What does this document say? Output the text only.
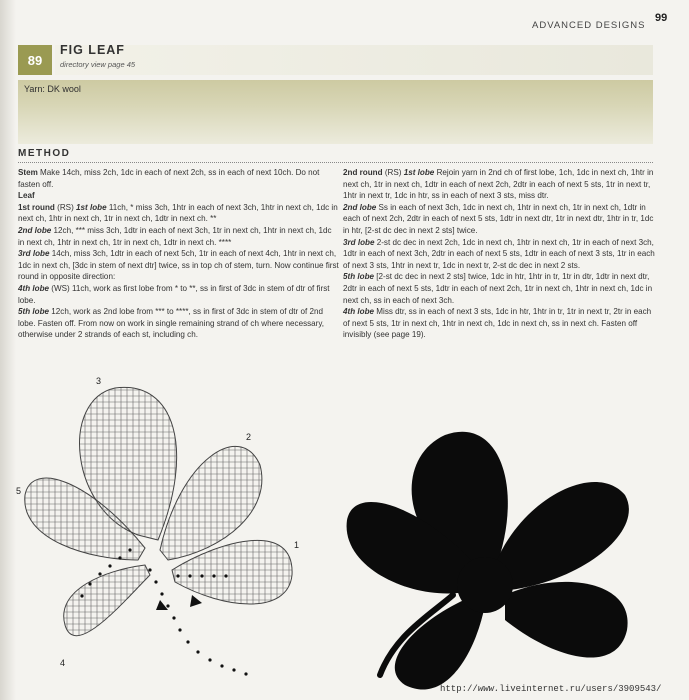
ADVANCED DESIGNS
99
89
FIG LEAF
directory view page 45
Yarn: DK wool
METHOD

Stem Make 14ch, miss 2ch, 1dc in each of next 2ch, ss in each of next 10ch. Do not fasten off.

Leaf

1st round (RS) 1st lobe 11ch, * miss 3ch, 1htr in each of next 3ch, 1htr in next ch, 1dc in next ch, 1htr in next ch, 1tr in next ch, 1dtr in next ch. **

2nd lobe 12ch, *** miss 3ch, 1dtr in each of next 3ch, 1tr in next ch, 1htr in next ch, 1dc in next ch, 1htr in next ch, 1tr in next ch, 1dtr in next ch. ****

3rd lobe 14ch, miss 3ch, 1dtr in each of next 5ch, 1tr in each of next 4ch, 1htr in next ch, 1dc in next ch, [3dc in stem of next dtr] twice, ss in top ch of stem, turn. Now continue first round in opposite direction:

4th lobe (WS) 11ch, work as first lobe from * to **, ss in first of 3dc in stem of dtr of first lobe.

5th lobe 12ch, work as 2nd lobe from *** to ****, ss in first of 3dc in stem of dtr of 2nd lobe. Fasten off. From now on work in single remaining strand of ch where necessary, otherwise under 2 strands of each st, including ch.

2nd round (RS) 1st lobe Rejoin yarn in 2nd ch of first lobe, 1ch, 1dc in next ch, 1htr in next ch, 1tr in next ch, 1dtr in each of next 2ch, 2dtr in each of next 5 sts, 1tr in next tr, 1htr in next tr, 1dc in htr, ss in each of next 3 sts, miss dtr.

2nd lobe Ss in each of next 3ch, 1dc in next ch, 1htr in next ch, 1tr in next ch, 1dtr in each of next 2ch, 2dtr in each of next 5 sts, 1dtr in next dtr, 1tr in next dtr, 1htr in tr, 1dc in htr, [2-st dc dec in next 2 sts] twice.

3rd lobe 2-st dc dec in next 2ch, 1dc in next ch, 1htr in next ch, 1tr in each of next 3ch, 1dtr in each of next 3ch, 2dtr in each of next 5 sts, 1dtr in each of next 3 sts, 1tr in each of next 3 sts, 1htr in next tr, 1dc in next tr, 2-st dc dec in next 2 sts.

5th lobe [2-st dc dec in next 2 sts] twice, 1dc in htr, 1htr in tr, 1tr in dtr, 1dtr in next dtr, 2dtr in each of next 5 sts, 1dtr in each of next 2ch, 1tr in next ch, 1htr in next ch, 1dc in next ch, ss in each of next 3ch.

4th lobe Miss dtr, ss in each of next 3 sts, 1dc in htr, 1htr in tr, 1tr in next tr, 2tr in each of next 5 sts, 1tr in next ch, 1htr in next ch, 1dc in next ch, ss in next ch. Fasten off invisibly (see page 19).

3
2
1
5
4
http://www.liveinternet.ru/users/3909543/
